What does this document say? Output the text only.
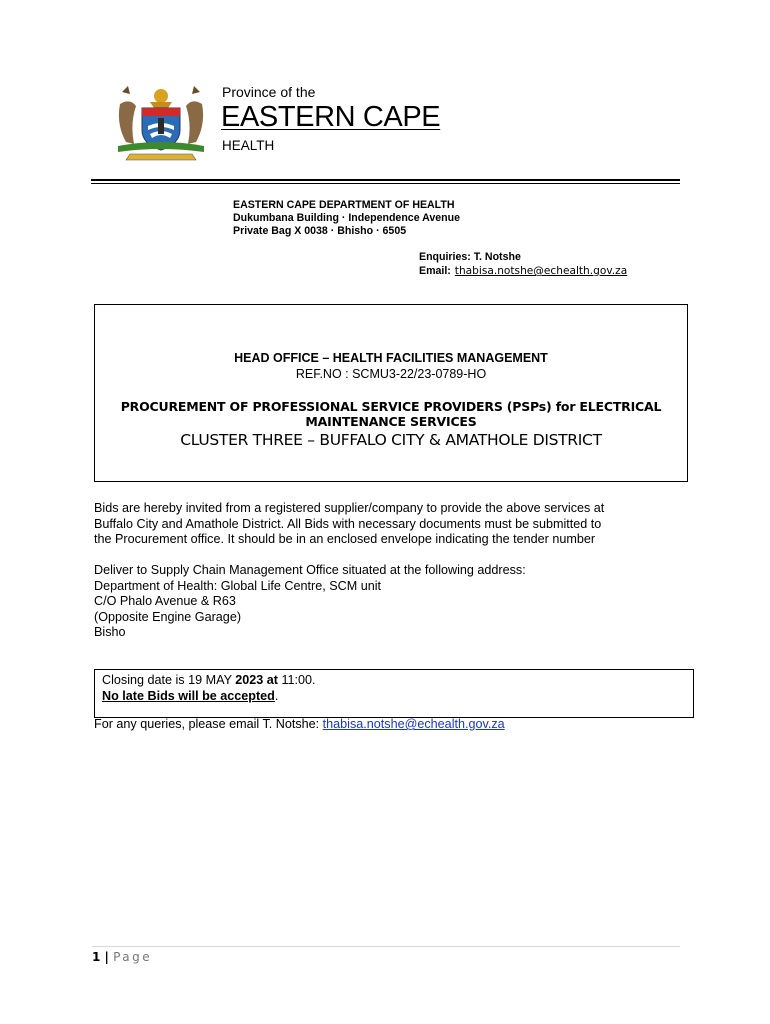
Province of the
EASTERN CAPE
HEALTH
EASTERN CAPE DEPARTMENT OF HEALTH
Dukumbana Building · Independence Avenue
Private Bag X 0038 · Bhisho · 6505
Enquiries: T. Notshe
Email: thabisa.notshe@echealth.gov.za
HEAD OFFICE – HEALTH FACILITIES MANAGEMENT
REF.NO : SCMU3-22/23-0789-HO
PROCUREMENT OF PROFESSIONAL SERVICE PROVIDERS (PSPs) for ELECTRICAL
MAINTENANCE SERVICES
CLUSTER THREE – BUFFALO CITY & AMATHOLE DISTRICT
Bids are hereby invited from a registered supplier/company to provide the above services at
Buffalo City and Amathole District. All Bids with necessary documents must be submitted to
the Procurement office. It should be in an enclosed envelope indicating the tender number
Deliver to Supply Chain Management Office situated at the following address:
Department of Health: Global Life Centre, SCM unit
C/O Phalo Avenue & R63
(Opposite Engine Garage)
Bisho
Closing date is 19 MAY 2023 at 11:00.
No late Bids will be accepted.
For any queries, please email T. Notshe: thabisa.notshe@echealth.gov.za
1 | Page
